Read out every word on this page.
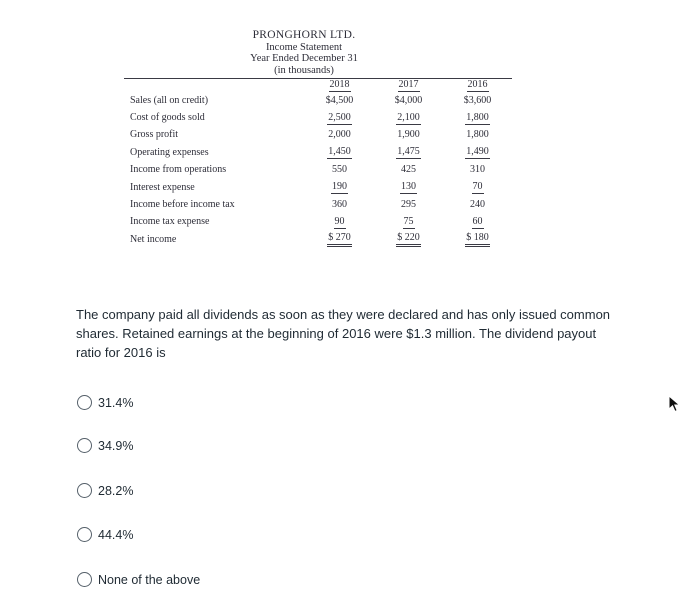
PRONGHORN LTD.
Income Statement
Year Ended December 31
(in thousands)
	2018	2017	2016
Sales (all on credit)	$4,500	$4,000	$3,600
Cost of goods sold	2,500	2,100	1,800
Gross profit	2,000	1,900	1,800
Operating expenses	1,450	1,475	1,490
Income from operations	550	425	310
Interest expense	190	130	70
Income before income tax	360	295	240
Income tax expense	90	75	60
Net income	$ 270	$ 220	$ 180
The company paid all dividends as soon as they were declared and has only issued common shares. Retained earnings at the beginning of 2016 were $1.3 million. The dividend payout ratio for 2016 is
31.4%
34.9%
28.2%
44.4%
None of the above
